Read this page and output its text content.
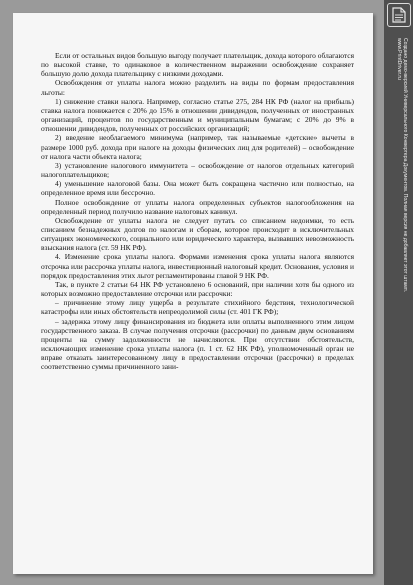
Если от остальных видов большую выгоду получает плательщик, дохода которого облагаются по высокой ставке, то одинаковое в количественном выражении освобождение сохраняет большую долю дохода плательщику с низкими доходами.

Освобождения от уплаты налога можно разделить на виды по формам предоставления льготы:

1) снижение ставки налога. Например, согласно статье 275, 284 НК РФ (налог на прибыль) ставка налога понижается с 20% до 15% в отношении дивидендов, полученных от иностранных организаций, процентов по государственным и муниципальным бумагам; с 20% до 9% в отношении дивидендов, полученных от российских организаций;

2) введение необлагаемого минимума (например, так называемые «детские» вычеты в размере 1000 руб. дохода при налоге на доходы физических лиц для родителей) – освобождение от налога части объекта налога;

3) установление налогового иммунитета – освобождение от налогов отдельных категорий налогоплательщиков;

4) уменьшение налоговой базы. Она может быть сокращена частично или полностью, на определенное время или бессрочно.

Полное освобождение от уплаты налога определенных субъектов налогообложения на определенный период получило название налоговых каникул.

Освобождение от уплаты налога не следует путать со списанием недоимки, то есть списанием безнадежных долгов по налогам и сборам, которое происходит в исключительных ситуациях экономического, социального или юридического характера, вызвавших невозможность взыскания налога (ст. 59 НК РФ).

4. Изменение срока уплаты налога. Формами изменения срока уплаты налога являются отсрочка или рассрочка уплаты налога, инвестиционный налоговый кредит. Основания, условия и порядок предоставления этих льгот регламентированы главой 9 НК РФ.

Так, в пункте 2 статьи 64 НК РФ установлено 6 оснований, при наличии хотя бы одного из которых возможно предоставление отсрочки или рассрочки:

– причинение этому лицу ущерба в результате стихийного бедствия, технологической катастрофы или иных обстоятельств непреодолимой силы (ст. 401 ГК РФ);

– задержка этому лицу финансирования из бюджета или оплаты выполненного этим лицом государственного заказа. В случае получения отсрочки (рассрочки) по данным двум основаниям проценты на сумму задолженности не начисляются. При отсутствии обстоятельств, исключающих изменение срока уплаты налога (п. 1 ст. 62 НК РФ), уполномоченный орган не вправе отказать заинтересованному лицу в предоставлении отсрочки (рассрочки) в пределах соответственно суммы причиненного зани-

Создано демо-версией Универсального Конвертера Документов. Полная версия не добавляет этот штамп.
www.PrintDriver.ru
